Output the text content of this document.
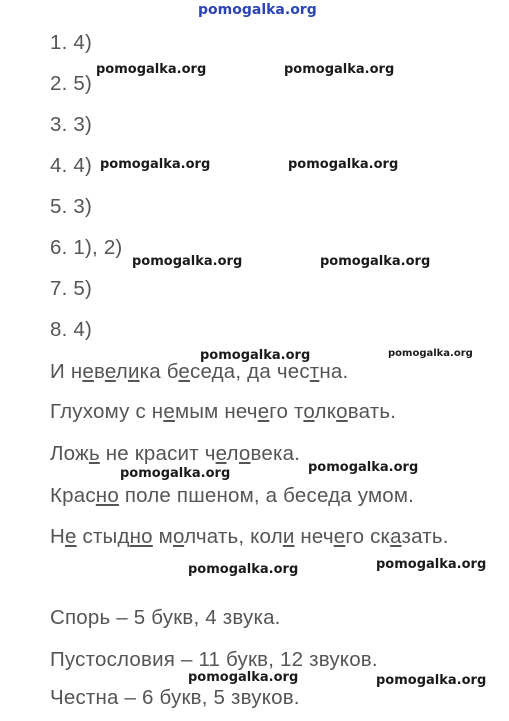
pomogalka.org
1. 4)
2. 5)
3. 3)
4. 4)
5. 3)
6. 1), 2)
7. 5)
8. 4)
И невелика беседа, да честна.
Глухому с немым нечего толковать.
Ложь не красит человека.
Красно поле пшеном, а беседа умом.
Не стыдно молчать, коли нечего сказать.
Спорь – 5 букв, 4 звука.
Пустословия – 11 букв, 12 звуков.
Честна – 6 букв, 5 звуков.
pomogalka.org	pomogalka.org
pomogalka.org	pomogalka.org
pomogalka.org	pomogalka.org
pomogalka.org	pomogalka.org
pomogalka.org	pomogalka.org
pomogalka.org	pomogalka.org
pomogalka.org	pomogalka.org
